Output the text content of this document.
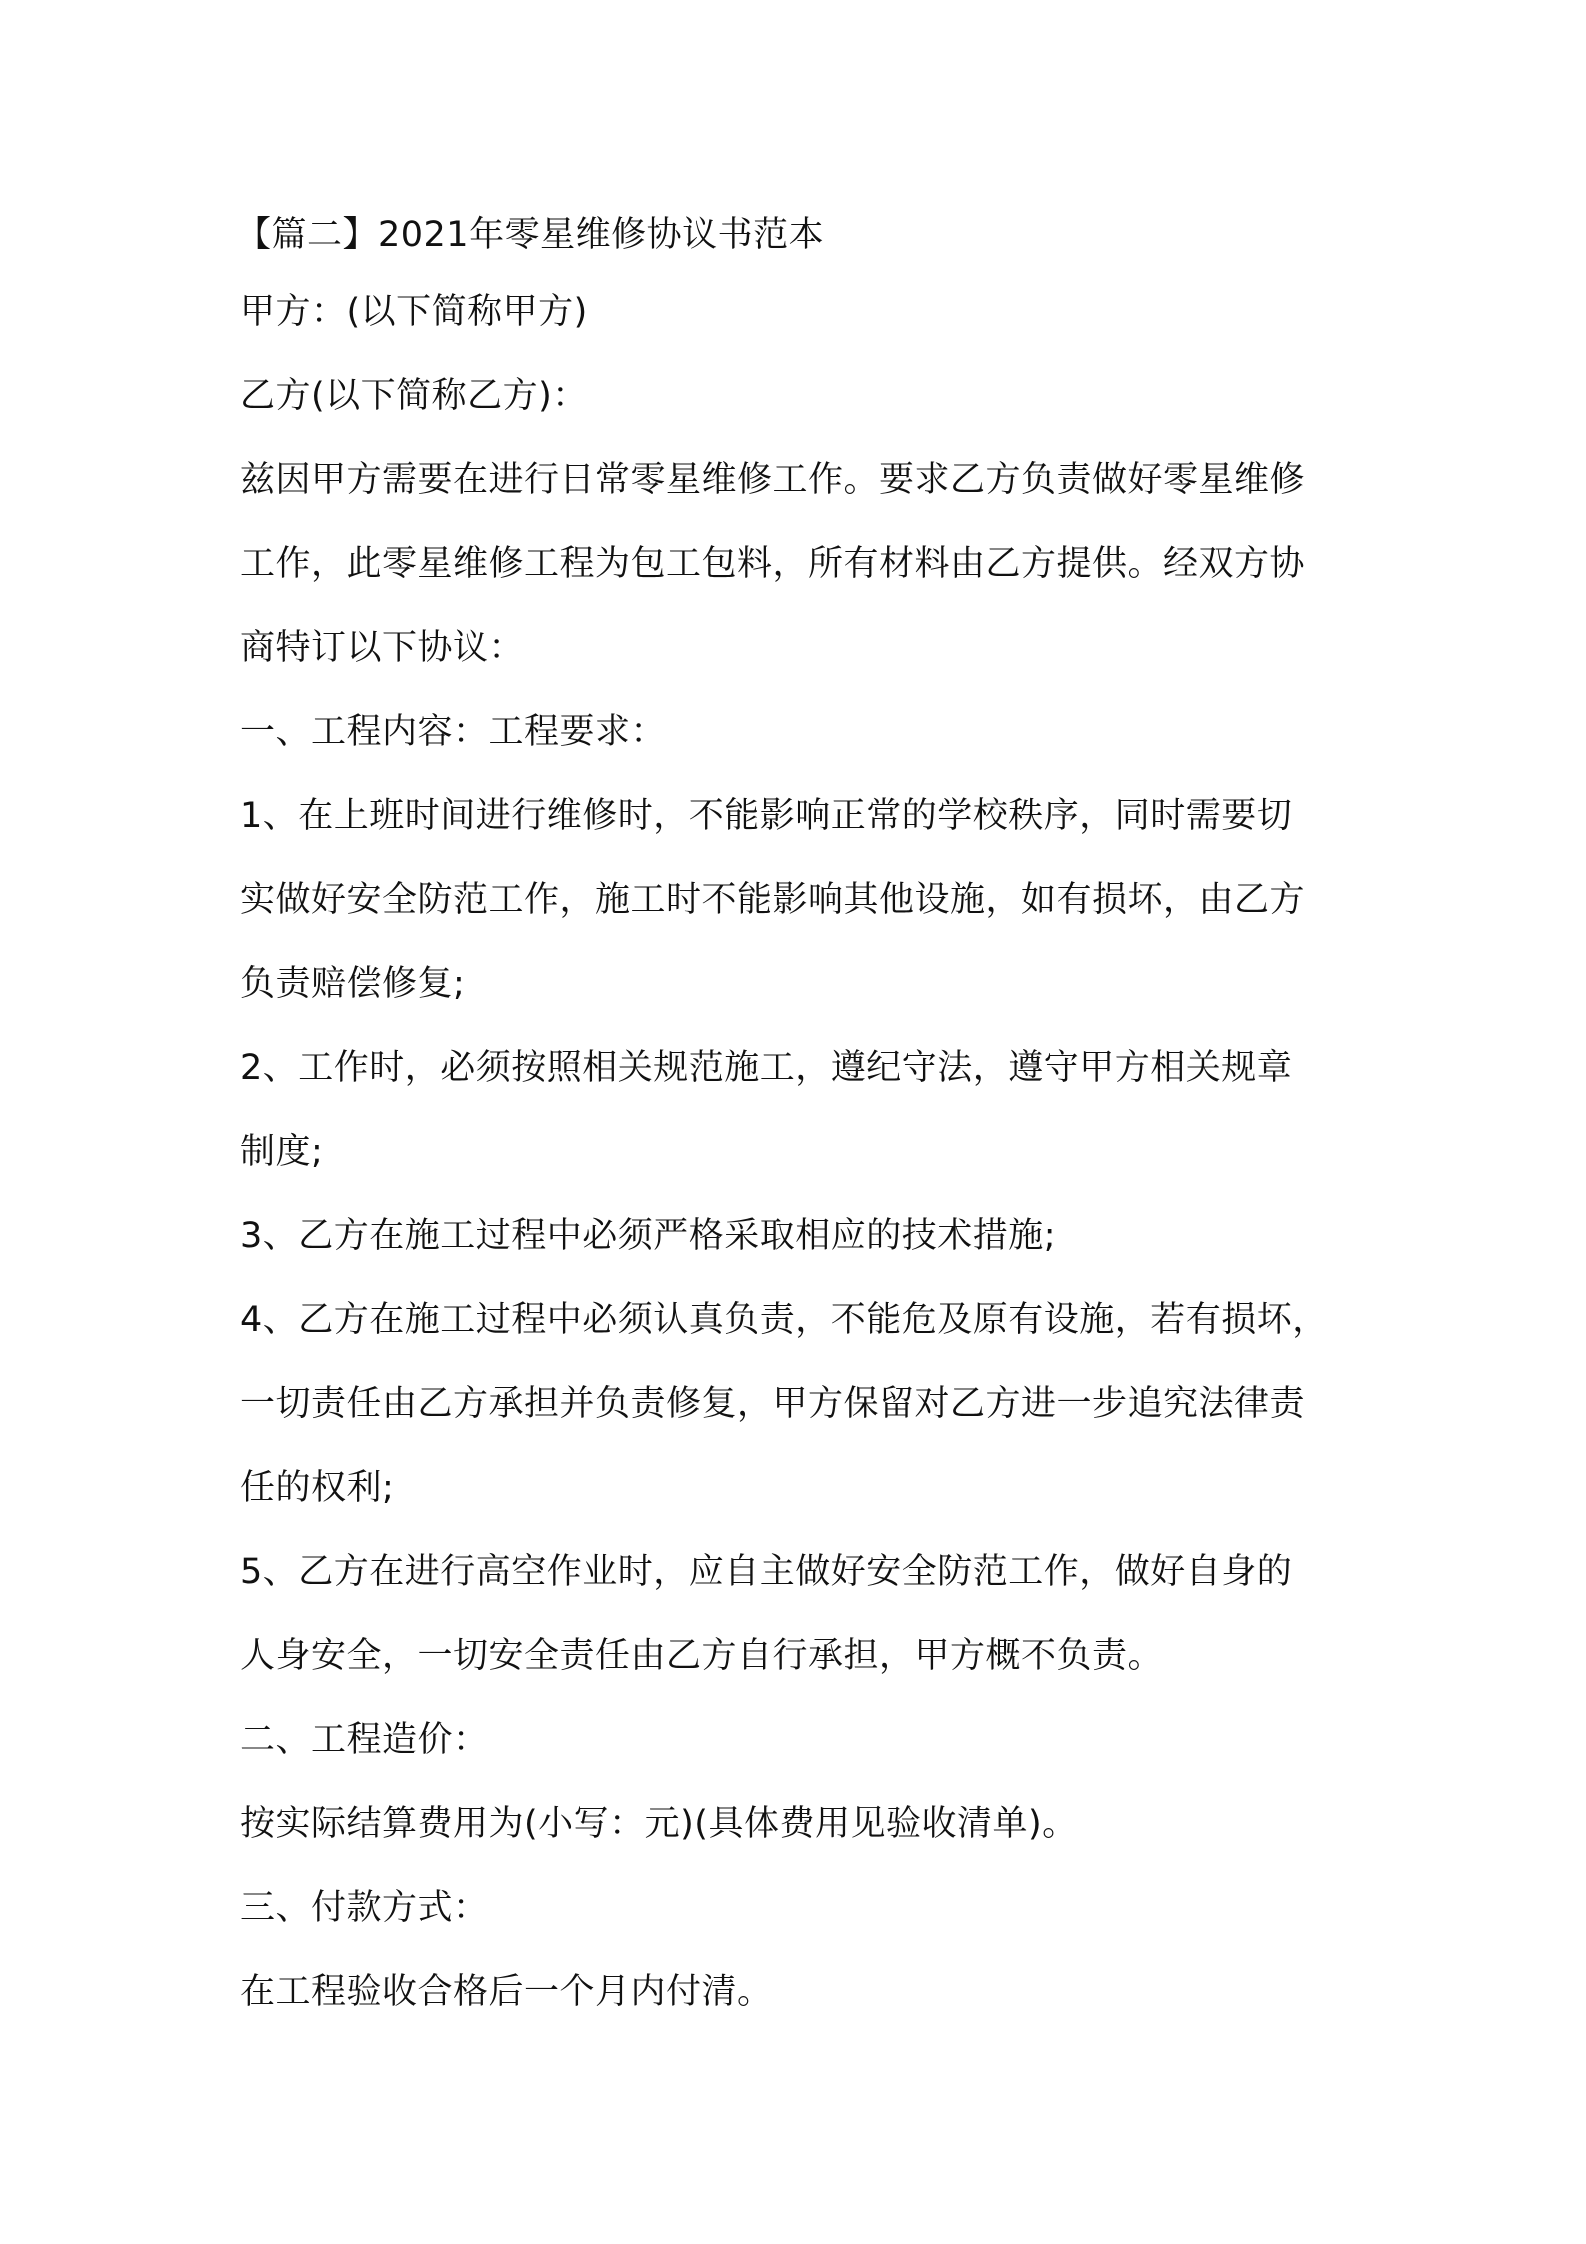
【篇二】2021年零星维修协议书范本
甲方：(以下简称甲方)
乙方(以下简称乙方)：
兹因甲方需要在进行日常零星维修工作。要求乙方负责做好零星维修
工作，此零星维修工程为包工包料，所有材料由乙方提供。经双方协
商特订以下协议：
一、工程内容：工程要求：
1、在上班时间进行维修时，不能影响正常的学校秩序，同时需要切
实做好安全防范工作，施工时不能影响其他设施，如有损坏，由乙方
负责赔偿修复;
2、工作时，必须按照相关规范施工，遵纪守法，遵守甲方相关规章
制度;
3、乙方在施工过程中必须严格采取相应的技术措施;
4、乙方在施工过程中必须认真负责，不能危及原有设施，若有损坏，
一切责任由乙方承担并负责修复，甲方保留对乙方进一步追究法律责
任的权利;
5、乙方在进行高空作业时，应自主做好安全防范工作，做好自身的
人身安全，一切安全责任由乙方自行承担，甲方概不负责。
二、工程造价：
按实际结算费用为(小写：元)(具体费用见验收清单)。
三、付款方式：
在工程验收合格后一个月内付清。
